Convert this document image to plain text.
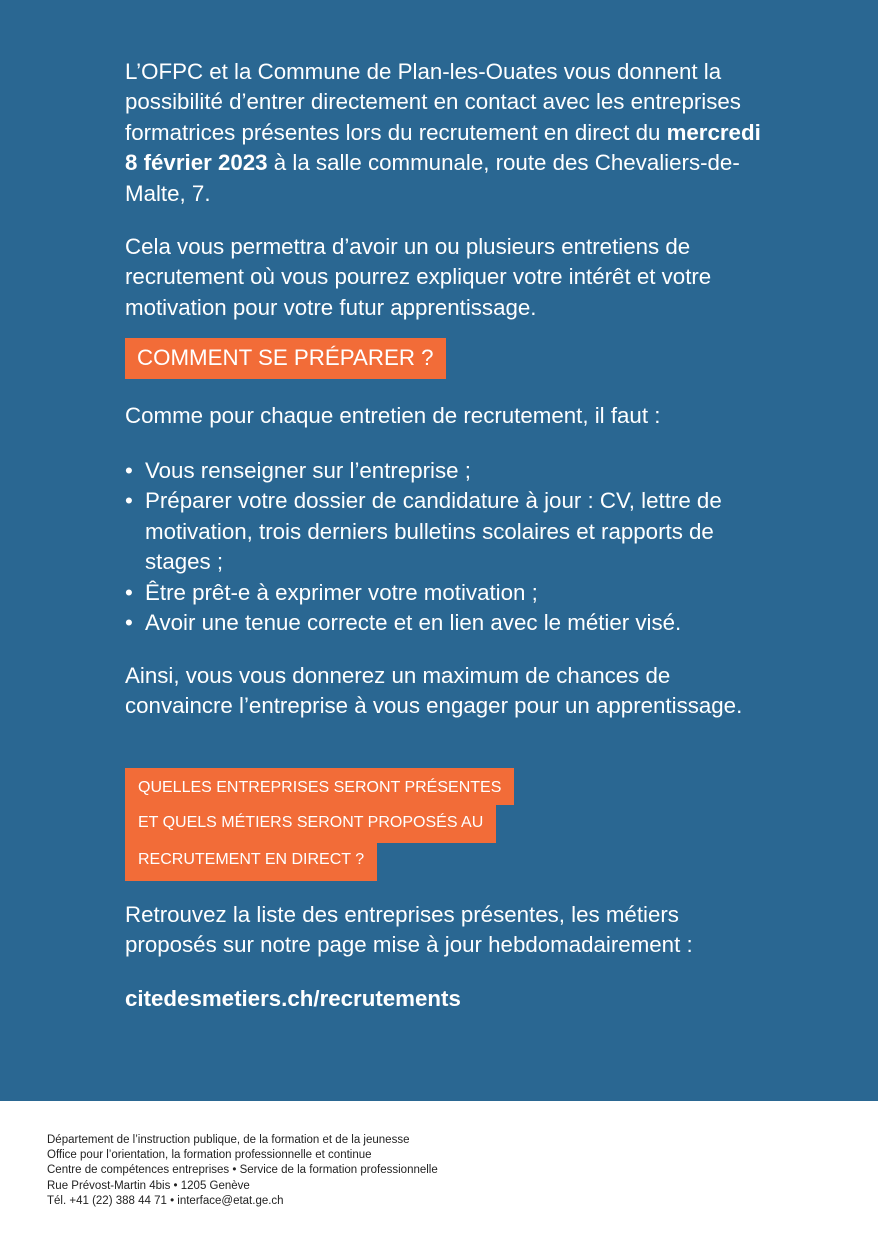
L’OFPC et la Commune de Plan-les-Ouates vous donnent la possibilité d’entrer directement en contact avec les entreprises formatrices présentes lors du recrutement en direct du mercredi 8 février 2023 à la salle communale, route des Chevaliers-de-Malte, 7.

Cela vous permettra d’avoir un ou plusieurs entretiens de recrutement où vous pourrez expliquer votre intérêt et votre motivation pour votre futur apprentissage.

COMMENT SE PRÉPARER ?

Comme pour chaque entretien de recrutement, il faut :

• Vous renseigner sur l’entreprise ;
• Préparer votre dossier de candidature à jour : CV, lettre de motivation, trois derniers bulletins scolaires et rapports de stages ;
• Être prêt-e à exprimer votre motivation ;
• Avoir une tenue correcte et en lien avec le métier visé.

Ainsi, vous vous donnerez un maximum de chances de convaincre l’entreprise à vous engager pour un apprentissage.

QUELLES ENTREPRISES SERONT PRÉSENTES
ET QUELS MÉTIERS SERONT PROPOSÉS AU
RECRUTEMENT EN DIRECT ?

Retrouvez la liste des entreprises présentes, les métiers proposés sur notre page mise à jour hebdomadairement :

citedesmetiers.ch/recrutements
Département de l’instruction publique, de la formation et de la jeunesse
Office pour l’orientation, la formation professionnelle et continue
Centre de compétences entreprises • Service de la formation professionnelle
Rue Prévost-Martin 4bis • 1205 Genève
Tél. +41 (22) 388 44 71 • interface@etat.ge.ch
